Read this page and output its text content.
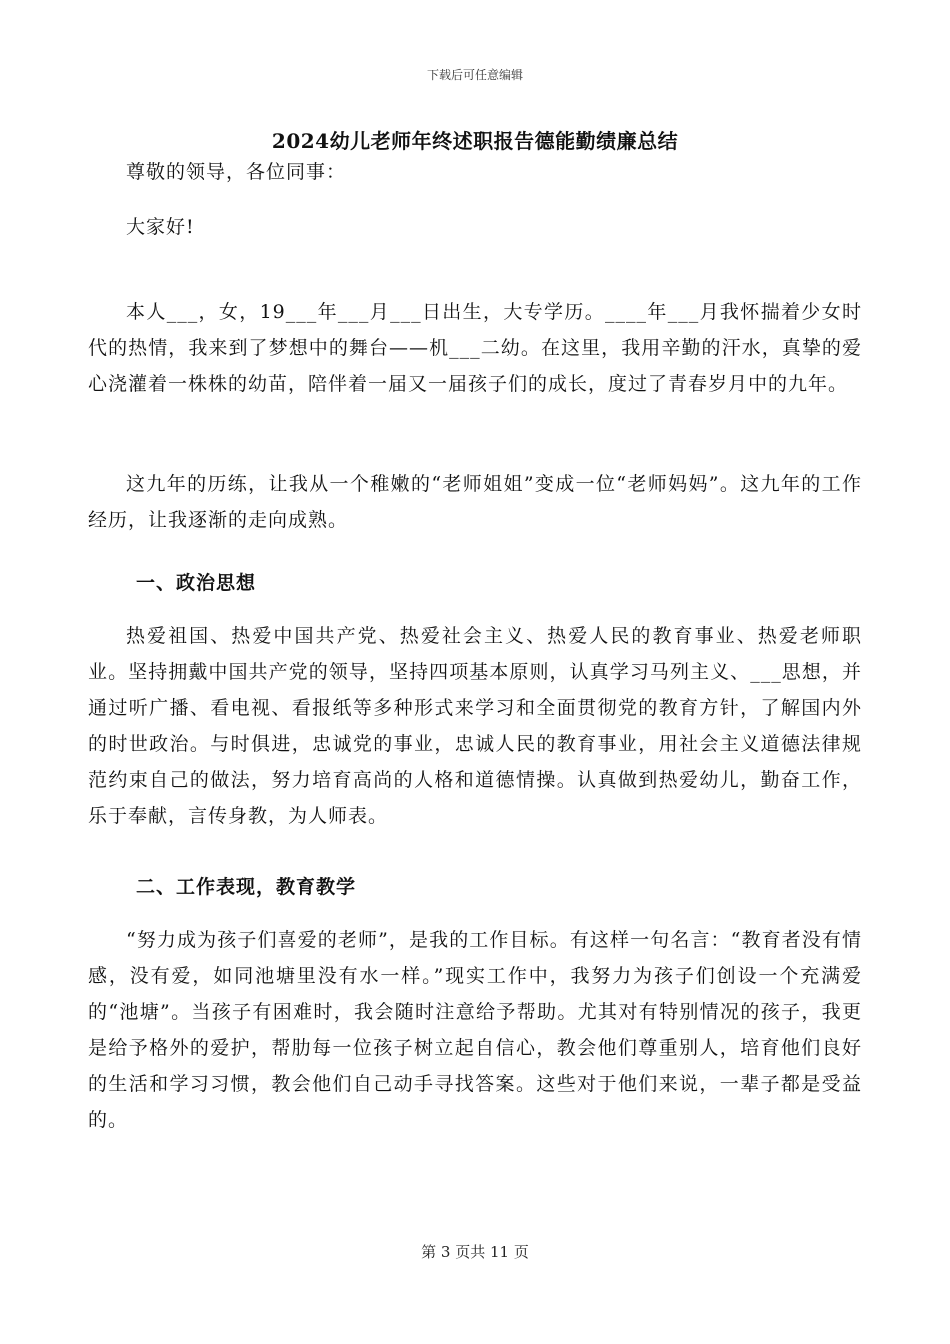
下载后可任意编辑
2024幼儿老师年终述职报告德能勤绩廉总结

尊敬的领导，各位同事：

大家好!

本人___，女，19___年___月___日出生，大专学历。____年___月我怀揣着少女时代的热情，我来到了梦想中的舞台——机___二幼。在这里，我用辛勤的汗水，真挚的爱心浇灌着一株株的幼苗，陪伴着一届又一届孩子们的成长，度过了青春岁月中的九年。

这九年的历练，让我从一个稚嫩的“老师姐姐”变成一位“老师妈妈”。这九年的工作经历，让我逐渐的走向成熟。

一、政治思想

热爱祖国、热爱中国共产党、热爱社会主义、热爱人民的教育事业、热爱老师职业。坚持拥戴中国共产党的领导，坚持四项基本原则，认真学习马列主义、___思想，并通过听广播、看电视、看报纸等多种形式来学习和全面贯彻党的教育方针，了解国内外的时世政治。与时俱进，忠诚党的事业，忠诚人民的教育事业，用社会主义道德法律规范约束自己的做法，努力培育高尚的人格和道德情操。认真做到热爱幼儿，勤奋工作，乐于奉献，言传身教，为人师表。

二、工作表现，教育教学

“努力成为孩子们喜爱的老师”，是我的工作目标。有这样一句名言：“教育者没有情感，没有爱，如同池塘里没有水一样。”现实工作中，我努力为孩子们创设一个充满爱的“池塘”。当孩子有困难时，我会随时注意给予帮助。尤其对有特别情况的孩子，我更是给予格外的爱护，帮肋每一位孩子树立起自信心，教会他们尊重别人，培育他们良好的生活和学习习惯，教会他们自己动手寻找答案。这些对于他们来说，一辈子都是受益的。

第 3 页共 11 页
